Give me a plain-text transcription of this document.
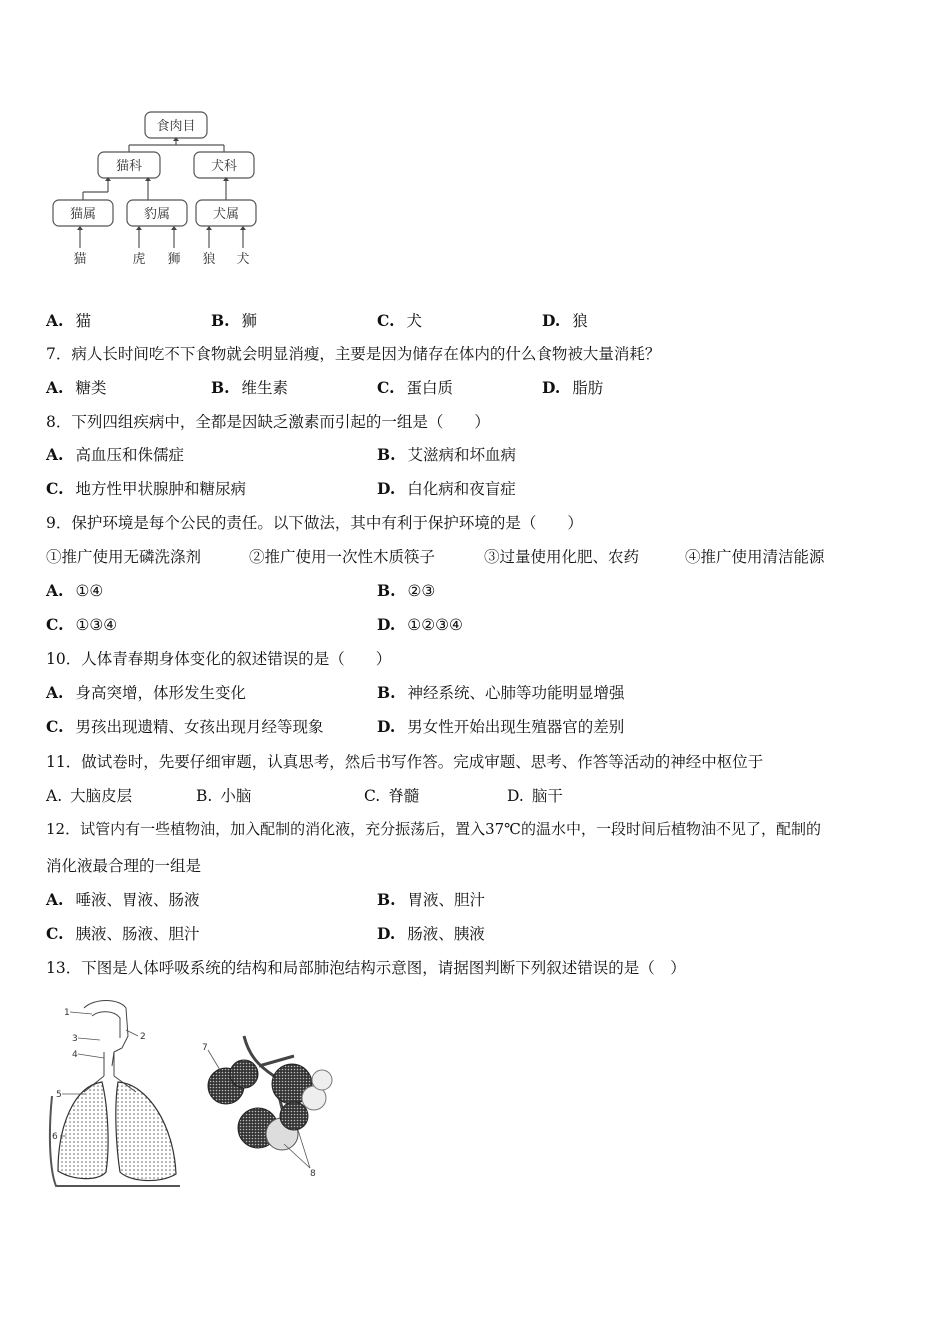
食肉目
猫科	犬科
猫属	豹属	犬属
猫	虎 狮 狼 犬
A. 猫	B. 狮	C. 犬	D. 狼
7．病人长时间吃不下食物就会明显消瘦，主要是因为储存在体内的什么食物被大量消耗？
A. 糖类	B. 维生素	C. 蛋白质	D. 脂肪
8．下列四组疾病中，全都是因缺乏激素而引起的一组是（　　）
A. 高血压和侏儒症	B. 艾滋病和坏血病
C. 地方性甲状腺肿和糖尿病	D. 白化病和夜盲症
9．保护环境是每个公民的责任。以下做法，其中有利于保护环境的是（　　）
①推广使用无磷洗涤剂	②推广使用一次性木质筷子	③过量使用化肥、农药	④推广使用清洁能源
A. ①④	B. ②③
C. ①③④	D. ①②③④
10．人体青春期身体变化的叙述错误的是（　　）
A. 身高突增，体形发生变化	B. 神经系统、心肺等功能明显增强
C. 男孩出现遗精、女孩出现月经等现象	D. 男女性开始出现生殖器官的差别
11．做试卷时，先要仔细审题，认真思考，然后书写作答。完成审题、思考、作答等活动的神经中枢位于
A. 大脑皮层	B. 小脑	C. 脊髓	D. 脑干
12．试管内有一些植物油，加入配制的消化液，充分振荡后，置入37℃的温水中，一段时间后植物油不见了，配制的
消化液最合理的一组是
A. 唾液、胃液、肠液	B. 胃液、胆汁
C. 胰液、肠液、胆汁	D. 肠液、胰液
13．下图是人体呼吸系统的结构和局部肺泡结构示意图，请据图判断下列叙述错误的是（　）
1
2
3
4
5
6
7
8
